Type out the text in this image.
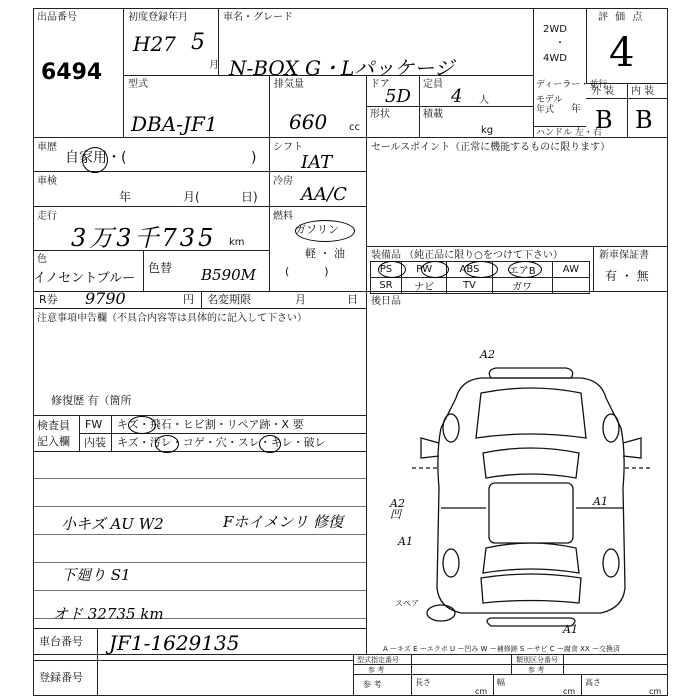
出品番号
6494
初度登録年月
H27 5
月
車名・グレード
N-BOX G・Lパッケージ
2WD
・
4WD
評 価 点
4
外 装 内 装
B B
型式
DBA-JF1
排気量
660 cc
ドア
5D
定員
4 人
形状	積載
kg
ディーラー・並行
モデル
年式	年
ハンドル 左・右
車歴
自家用・(	)
シフト
IAT
セールスポイント（正常に機能するものに限ります）
車検
年	月(	日)
冷房
AA/C
走行
3万3千735 km
燃料
ガソリン
軽 ・ 油
(          )
色
イノセントブルー
色替 B590M
装備品 （純正品に限り○をつけて下さい）
PS	PW	ABS	エアB	AW
SR	ナビ	TV	ガワ	
新車保証書
有 ・ 無
R券 9790	円 名変期限	月	日 後日品
注意事項申告欄（不具合内容等は具体的に記入して下さい）
修復歴 有（箇所
検査員
記入欄
FW キズ・飛石・ヒビ割・リペア跡・X 要
内装 キズ・汚レ・コゲ・穴・スレ・キレ・破レ
小キズ AU W2	Fホイメンリ 修復
下廻り S1
オド 32735 km
車台番号 JF1-1629135
登録番号
A2
A2
凹
A1
A1
A1
スペア
A ーキズ E ーエクボ U ー凹み W ー補修跡 S ーサビ C ー腐食 XX ー交換済
型式指定番号
参 考
類別区分番号
参 考
参 考	長さ
cm
幅
cm
高さ
cm
